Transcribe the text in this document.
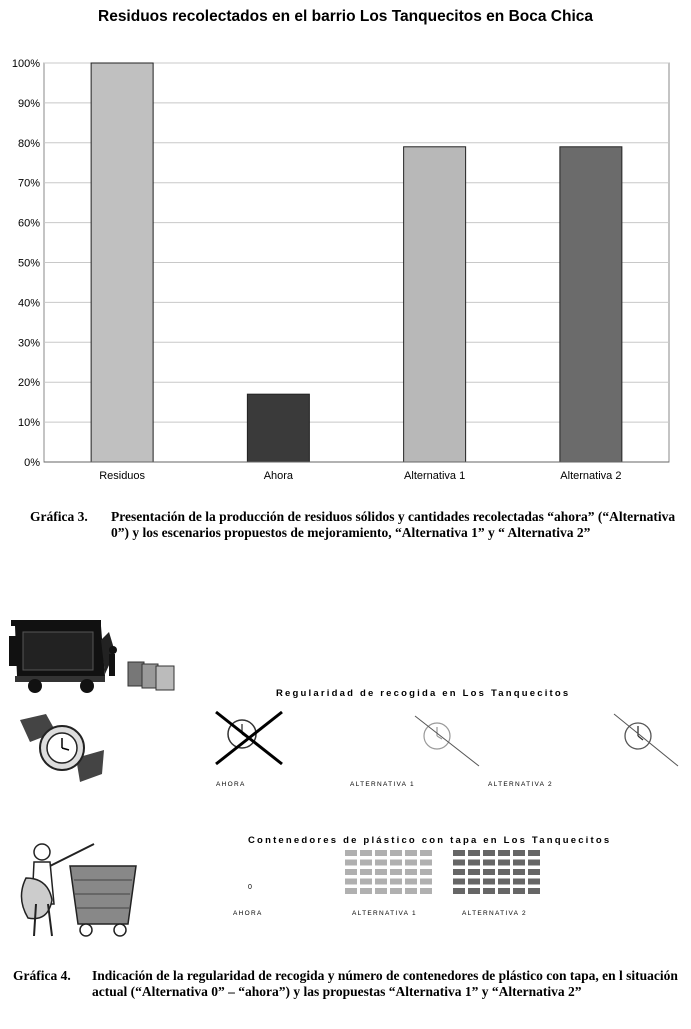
Residuos recolectados en el barrio Los Tanquecitos en Boca Chica
0%
10%
20%
30%
40%
50%
60%
70%
80%
90%
100%
Residuos	Ahora	Alternativa 1	Alternativa 2
Gráfica 3. Presentación de la producción de residuos sólidos y cantidades recolectadas “ahora” (“Alternativa 0”) y los escenarios propuestos de mejoramiento, “Alternativa 1” y “ Alternativa 2”
Regularidad de recogida en Los Tanquecitos
AHORA	ALTERNATIVA 1	ALTERNATIVA 2
Contenedores de plástico con tapa en Los Tanquecitos
0
AHORA	ALTERNATIVA 1	ALTERNATIVA 2
Gráfica 4. Indicación de la regularidad de recogida y número de contenedores de plástico con tapa, en l situación actual (“Alternativa 0” – “ahora”) y las propuestas “Alternativa 1” y “Alternativa 2”
